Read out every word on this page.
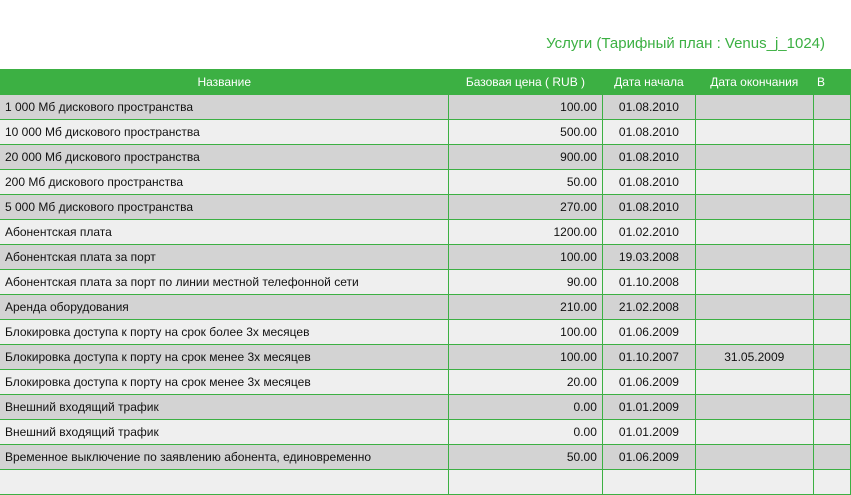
Услуги (Тарифный план : Venus_j_1024)
Название	Базовая цена ( RUB )	Дата начала	Дата окончания	В
1 000 Мб дискового пространства	100.00	01.08.2010		
10 000 Мб дискового пространства	500.00	01.08.2010		
20 000 Мб дискового пространства	900.00	01.08.2010		
200 Мб дискового пространства	50.00	01.08.2010		
5 000 Мб дискового пространства	270.00	01.08.2010		
Абонентская плата	1200.00	01.02.2010		
Абонентская плата за порт	100.00	19.03.2008		
Абонентская плата за порт по линии местной телефонной сети	90.00	01.10.2008		
Аренда оборудования	210.00	21.02.2008		
Блокировка доступа к порту на срок более 3х месяцев	100.00	01.06.2009		
Блокировка доступа к порту на срок менее 3х месяцев	100.00	01.10.2007	31.05.2009	
Блокировка доступа к порту на срок менее 3х месяцев	20.00	01.06.2009		
Внешний входящий трафик	0.00	01.01.2009		
Внешний входящий трафик	0.00	01.01.2009		
Временное выключение по заявлению абонента, единовременно	50.00	01.06.2009		
